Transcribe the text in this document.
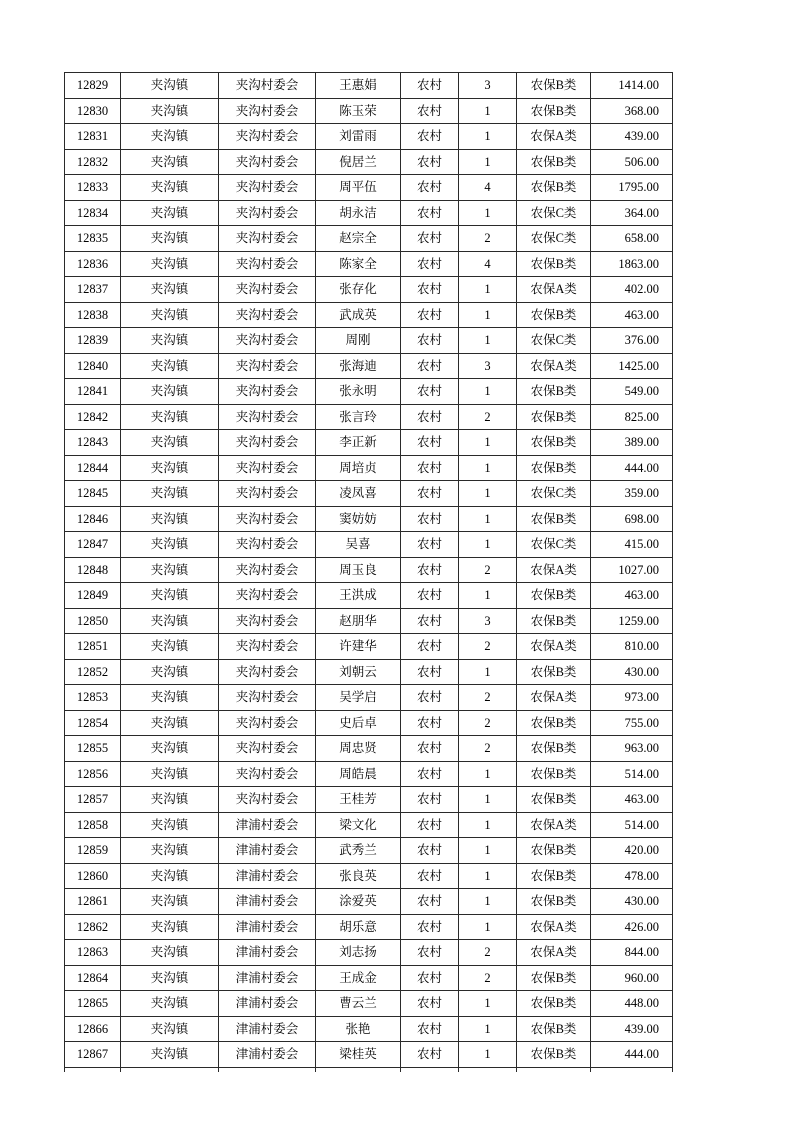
12829	夹沟镇	夹沟村委会	王惠娟	农村	3	农保B类	1414.00
12830	夹沟镇	夹沟村委会	陈玉荣	农村	1	农保B类	368.00
12831	夹沟镇	夹沟村委会	刘雷雨	农村	1	农保A类	439.00
12832	夹沟镇	夹沟村委会	倪居兰	农村	1	农保B类	506.00
12833	夹沟镇	夹沟村委会	周平伍	农村	4	农保B类	1795.00
12834	夹沟镇	夹沟村委会	胡永洁	农村	1	农保C类	364.00
12835	夹沟镇	夹沟村委会	赵宗全	农村	2	农保C类	658.00
12836	夹沟镇	夹沟村委会	陈家全	农村	4	农保B类	1863.00
12837	夹沟镇	夹沟村委会	张存化	农村	1	农保A类	402.00
12838	夹沟镇	夹沟村委会	武成英	农村	1	农保B类	463.00
12839	夹沟镇	夹沟村委会	周刚	农村	1	农保C类	376.00
12840	夹沟镇	夹沟村委会	张海迪	农村	3	农保A类	1425.00
12841	夹沟镇	夹沟村委会	张永明	农村	1	农保B类	549.00
12842	夹沟镇	夹沟村委会	张言玲	农村	2	农保B类	825.00
12843	夹沟镇	夹沟村委会	李正新	农村	1	农保B类	389.00
12844	夹沟镇	夹沟村委会	周培贞	农村	1	农保B类	444.00
12845	夹沟镇	夹沟村委会	凌凤喜	农村	1	农保C类	359.00
12846	夹沟镇	夹沟村委会	窦妨妨	农村	1	农保B类	698.00
12847	夹沟镇	夹沟村委会	吴喜	农村	1	农保C类	415.00
12848	夹沟镇	夹沟村委会	周玉良	农村	2	农保A类	1027.00
12849	夹沟镇	夹沟村委会	王洪成	农村	1	农保B类	463.00
12850	夹沟镇	夹沟村委会	赵朋华	农村	3	农保B类	1259.00
12851	夹沟镇	夹沟村委会	许建华	农村	2	农保A类	810.00
12852	夹沟镇	夹沟村委会	刘朝云	农村	1	农保B类	430.00
12853	夹沟镇	夹沟村委会	吴学启	农村	2	农保A类	973.00
12854	夹沟镇	夹沟村委会	史后卓	农村	2	农保B类	755.00
12855	夹沟镇	夹沟村委会	周忠贤	农村	2	农保B类	963.00
12856	夹沟镇	夹沟村委会	周皓晨	农村	1	农保B类	514.00
12857	夹沟镇	夹沟村委会	王桂芳	农村	1	农保B类	463.00
12858	夹沟镇	津浦村委会	梁文化	农村	1	农保A类	514.00
12859	夹沟镇	津浦村委会	武秀兰	农村	1	农保B类	420.00
12860	夹沟镇	津浦村委会	张良英	农村	1	农保B类	478.00
12861	夹沟镇	津浦村委会	涂爱英	农村	1	农保B类	430.00
12862	夹沟镇	津浦村委会	胡乐意	农村	1	农保A类	426.00
12863	夹沟镇	津浦村委会	刘志扬	农村	2	农保A类	844.00
12864	夹沟镇	津浦村委会	王成金	农村	2	农保B类	960.00
12865	夹沟镇	津浦村委会	曹云兰	农村	1	农保B类	448.00
12866	夹沟镇	津浦村委会	张艳	农村	1	农保B类	439.00
12867	夹沟镇	津浦村委会	梁桂英	农村	1	农保B类	444.00
